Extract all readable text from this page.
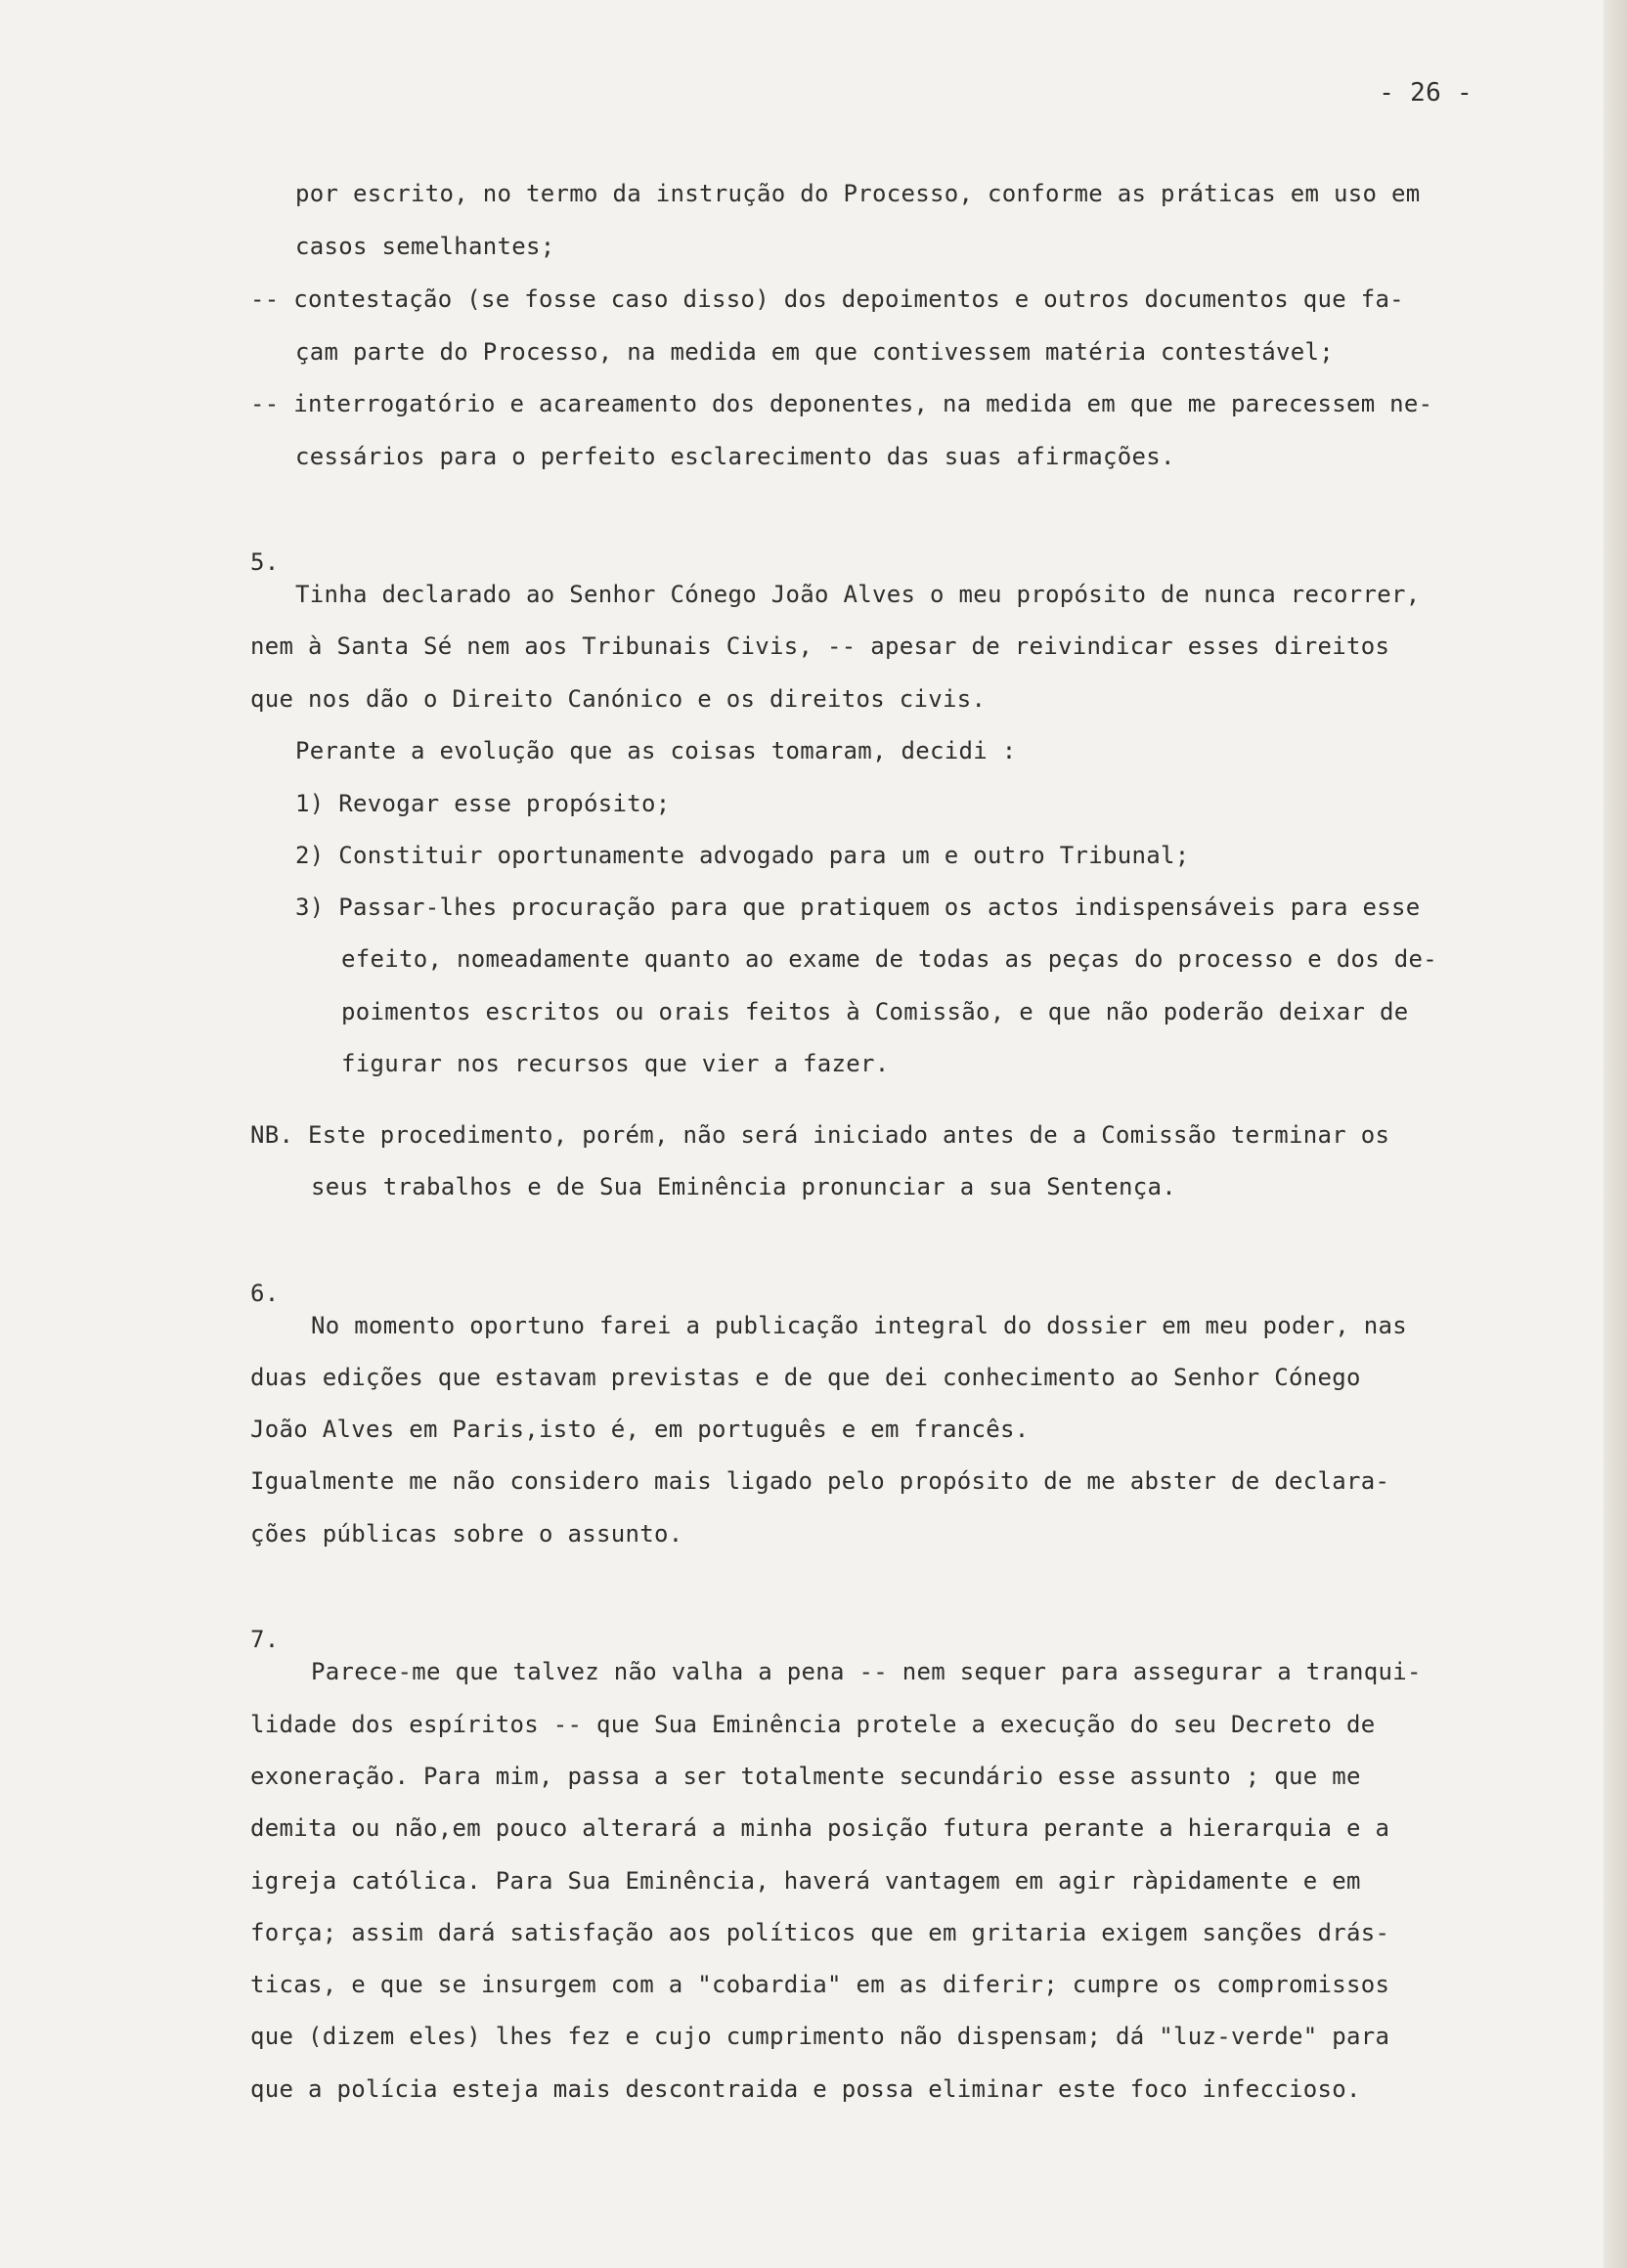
- 26 -
por escrito, no termo da instrução do Processo, conforme as práticas em uso em
casos semelhantes;
-- contestação (se fosse caso disso) dos depoimentos e outros documentos que fa-
çam parte do Processo, na medida em que contivessem matéria contestável;
-- interrogatório e acareamento dos deponentes, na medida em que me parecessem ne-
cessários para o perfeito esclarecimento das suas afirmações.
5.
Tinha declarado ao Senhor Cónego João Alves o meu propósito de nunca recorrer,
nem à Santa Sé nem aos Tribunais Civis, -- apesar de reivindicar esses direitos
que nos dão o Direito Canónico e os direitos civis.
Perante a evolução que as coisas tomaram, decidi :
1) Revogar esse propósito;
2) Constituir oportunamente advogado para um e outro Tribunal;
3) Passar-lhes procuração para que pratiquem os actos indispensáveis para esse
efeito, nomeadamente quanto ao exame de todas as peças do processo e dos de-
poimentos escritos ou orais feitos à Comissão, e que não poderão deixar de
figurar nos recursos que vier a fazer.
NB. Este procedimento, porém, não será iniciado antes de a Comissão terminar os
seus trabalhos e de Sua Eminência pronunciar a sua Sentença.
6.
No momento oportuno farei a publicação integral do dossier em meu poder, nas
duas edições que estavam previstas e de que dei conhecimento ao Senhor Cónego
João Alves em Paris,isto é, em português e em francês.
Igualmente me não considero mais ligado pelo propósito de me abster de declara-
ções públicas sobre o assunto.
7.
Parece-me que talvez não valha a pena -- nem sequer para assegurar a tranqui-
lidade dos espíritos -- que Sua Eminência protele a execução do seu Decreto de
exoneração. Para mim, passa a ser totalmente secundário esse assunto ; que me
demita ou não,em pouco alterará a minha posição futura perante a hierarquia e a
igreja católica. Para Sua Eminência, haverá vantagem em agir ràpidamente e em
força; assim dará satisfação aos políticos que em gritaria exigem sanções drás-
ticas, e que se insurgem com a "cobardia" em as diferir; cumpre os compromissos
que (dizem eles) lhes fez e cujo cumprimento não dispensam; dá "luz-verde" para
que a polícia esteja mais descontraida e possa eliminar este foco infeccioso.
